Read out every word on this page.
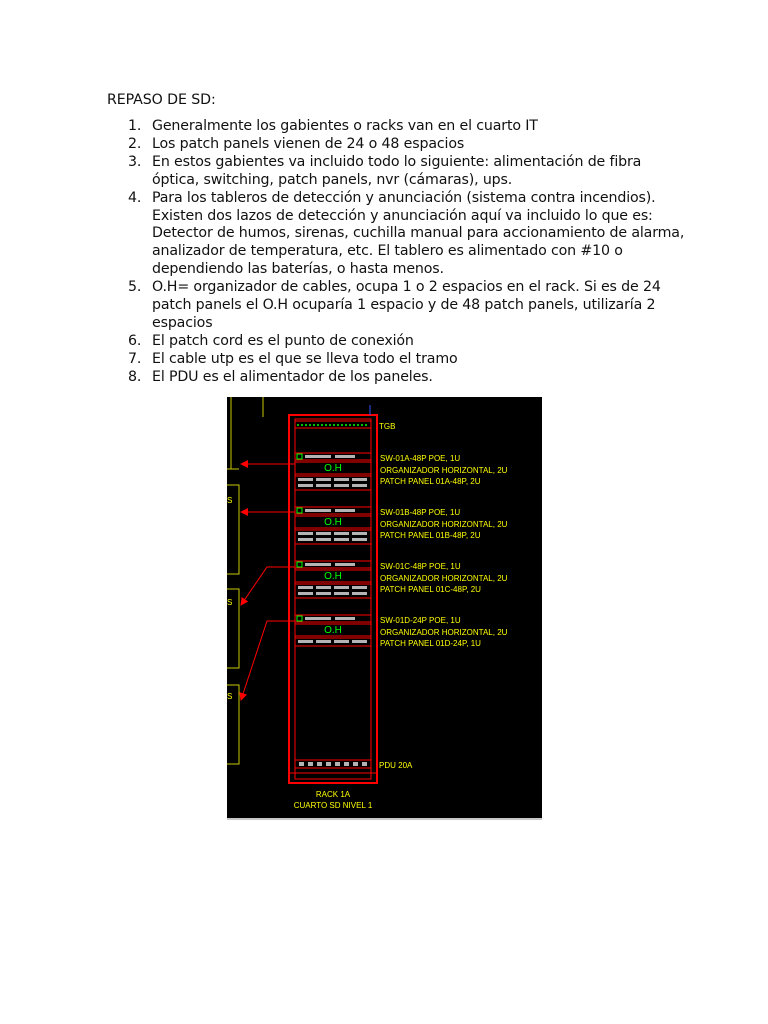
REPASO DE SD:
1. Generalmente los gabientes o racks van en el cuarto IT
2. Los patch panels vienen de 24 o 48 espacios
3. En estos gabientes va incluido todo lo siguiente: alimentación de fibra óptica, switching, patch panels, nvr (cámaras), ups.
4. Para los tableros de detección y anunciación (sistema contra incendios). Existen dos lazos de detección y anunciación aquí va incluido lo que es: Detector de humos, sirenas, cuchilla manual para accionamiento de alarma, analizador de temperatura, etc. El tablero es alimentado con #10 o dependiendo las baterías, o hasta menos.
5. O.H= organizador de cables, ocupa 1 o 2 espacios en el rack. Si es de 24 patch panels el O.H ocuparía 1 espacio y de 48 patch panels, utilizaría 2 espacios
6. El patch cord es el punto de conexión
7. El cable utp es el que se lleva todo el tramo
8. El PDU es el alimentador de los paneles.
S
S
S
TGB
O.H
SW-01A-48P POE, 1U
ORGANIZADOR HORIZONTAL, 2U
PATCH PANEL 01A-48P, 2U
O.H
SW-01B-48P POE, 1U
ORGANIZADOR HORIZONTAL, 2U
PATCH PANEL 01B-48P, 2U
O.H
SW-01C-48P POE, 1U
ORGANIZADOR HORIZONTAL, 2U
PATCH PANEL 01C-48P, 2U
O.H
SW-01D-24P POE, 1U
ORGANIZADOR HORIZONTAL, 2U
PATCH PANEL 01D-24P, 1U
PDU 20A
RACK 1A
CUARTO SD NIVEL 1
